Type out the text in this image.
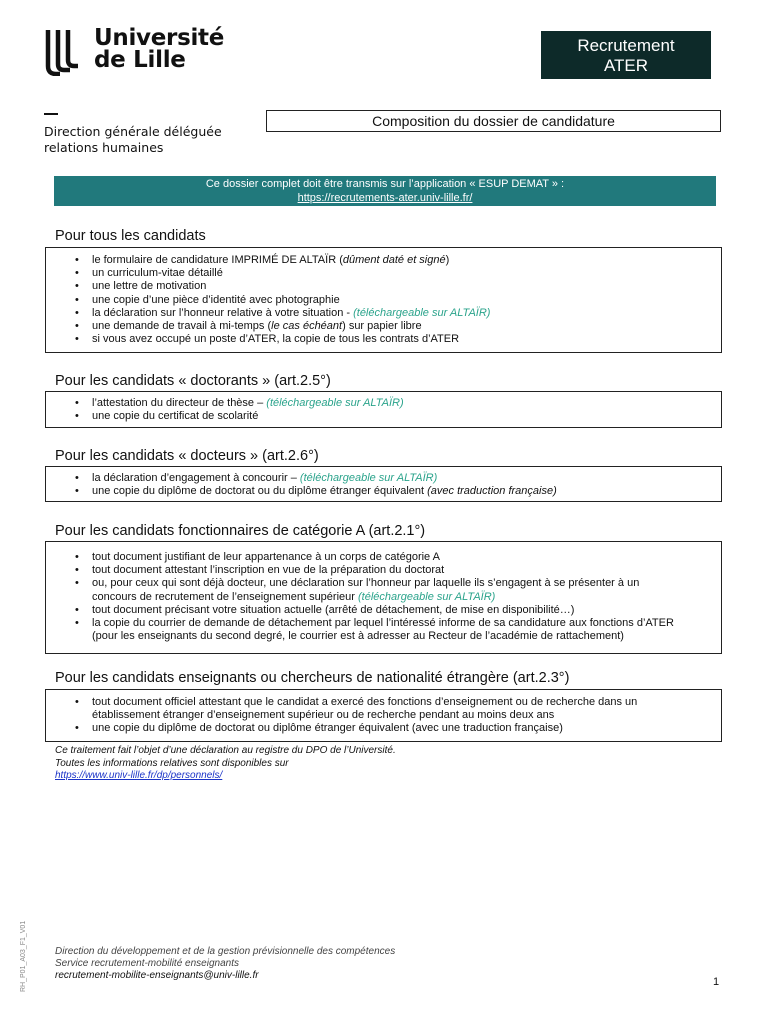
Université
de Lille
Direction générale déléguée
relations humaines
Recrutement
ATER
Composition du dossier de candidature
Ce dossier complet doit être transmis sur l’application « ESUP DEMAT » :
https://recrutements-ater.univ-lille.fr/
Pour tous les candidats
• le formulaire de candidature IMPRIMÉ DE ALTAÏR (dûment daté et signé)
• un curriculum-vitae détaillé
• une lettre de motivation
• une copie d’une pièce d’identité avec photographie
• la déclaration sur l’honneur relative à votre situation - (téléchargeable sur ALTAÏR)
• une demande de travail à mi-temps (le cas échéant) sur papier libre
• si vous avez occupé un poste d’ATER, la copie de tous les contrats d’ATER
Pour les candidats « doctorants » (art.2.5°)
• l’attestation du directeur de thèse – (téléchargeable sur ALTAÏR)
• une copie du certificat de scolarité
Pour les candidats « docteurs » (art.2.6°)
• la déclaration d’engagement à concourir – (téléchargeable sur ALTAÏR)
• une copie du diplôme de doctorat ou du diplôme étranger équivalent (avec traduction française)
Pour les candidats fonctionnaires de catégorie A (art.2.1°)
• tout document justifiant de leur appartenance à un corps de catégorie A
• tout document attestant l’inscription en vue de la préparation du doctorat
• ou, pour ceux qui sont déjà docteur, une déclaration sur l’honneur par laquelle ils s’engagent à se présenter à un
concours de recrutement de l’enseignement supérieur (téléchargeable sur ALTAÏR)
• tout document précisant votre situation actuelle (arrêté de détachement, de mise en disponibilité…)
• la copie du courrier de demande de détachement par lequel l’intéressé informe de sa candidature aux fonctions d’ATER
(pour les enseignants du second degré, le courrier est à adresser au Recteur de l’académie de rattachement)
Pour les candidats enseignants ou chercheurs de nationalité étrangère (art.2.3°)
• tout document officiel attestant que le candidat a exercé des fonctions d’enseignement ou de recherche dans un
établissement étranger d’enseignement supérieur ou de recherche pendant au moins deux ans
• une copie du diplôme de doctorat ou diplôme étranger équivalent (avec une traduction française)
Ce traitement fait l’objet d’une déclaration au registre du DPO de l’Université.
Toutes les informations relatives sont disponibles sur
https://www.univ-lille.fr/dp/personnels/
Direction du développement et de la gestion prévisionnelle des compétences
Service recrutement-mobilité enseignants
recrutement-mobilite-enseignants@univ-lille.fr
1
RH_P01_A03_F1_V01
